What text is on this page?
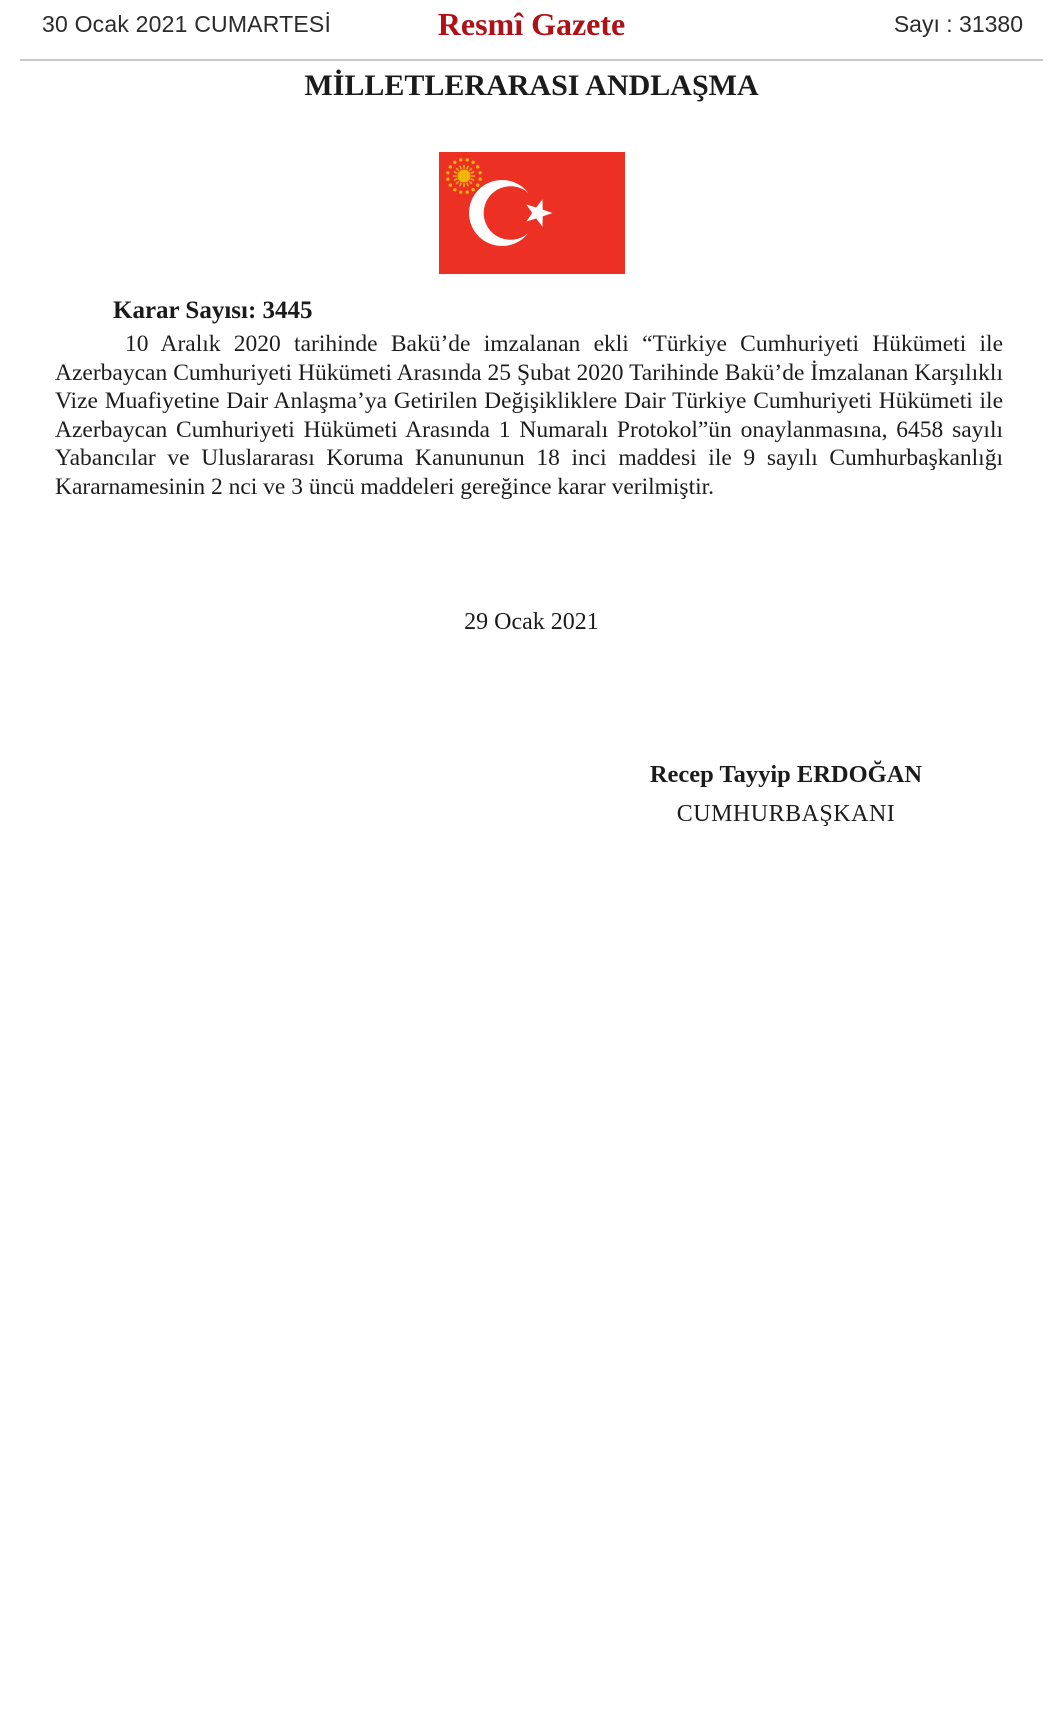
30 Ocak 2021 CUMARTESİ	Resmî Gazete	Sayı : 31380
MİLLETLERARASI ANDLAŞMA
Karar Sayısı: 3445

10 Aralık 2020 tarihinde Bakü’de imzalanan ekli “Türkiye Cumhuriyeti Hükümeti ile Azerbaycan Cumhuriyeti Hükümeti Arasında 25 Şubat 2020 Tarihinde Bakü’de İmzalanan Karşılıklı Vize Muafiyetine Dair Anlaşma’ya Getirilen Değişikliklere Dair Türkiye Cumhuriyeti Hükümeti ile Azerbaycan Cumhuriyeti Hükümeti Arasında 1 Numaralı Protokol”ün onaylanmasına, 6458 sayılı Yabancılar ve Uluslararası Koruma Kanununun 18 inci maddesi ile 9 sayılı Cumhurbaşkanlığı Kararnamesinin 2 nci ve 3 üncü maddeleri gereğince karar verilmiştir.

29 Ocak 2021

Recep Tayyip ERDOĞAN

CUMHURBAŞKANI
